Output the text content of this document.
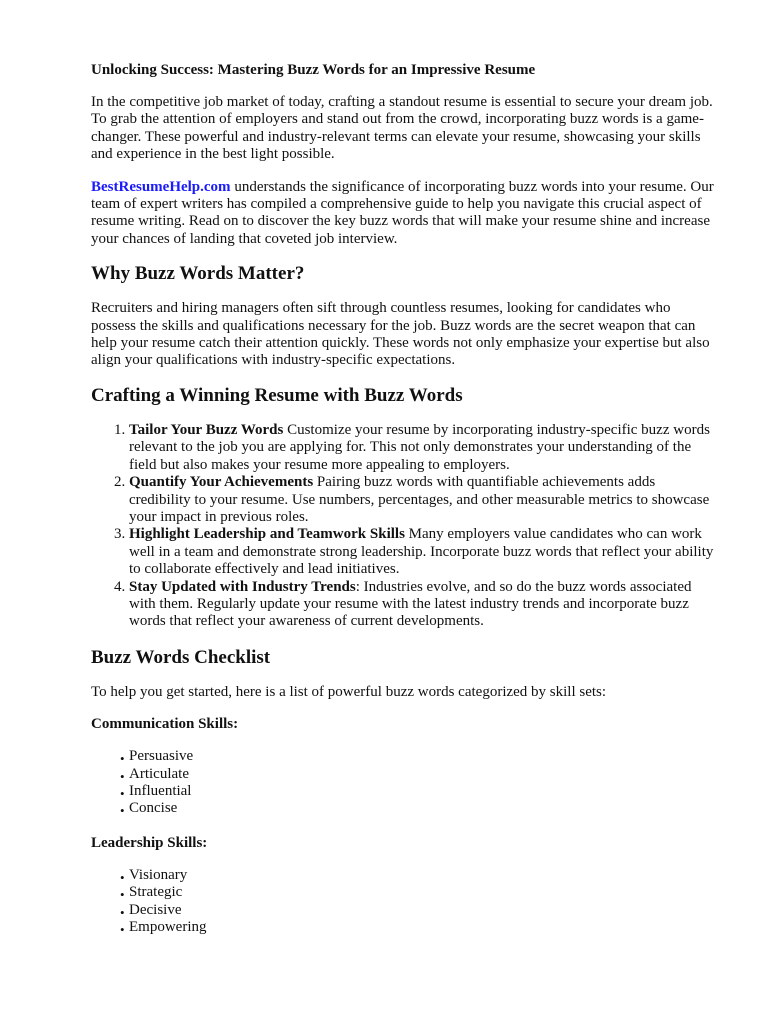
Unlocking Success: Mastering Buzz Words for an Impressive Resume

In the competitive job market of today, crafting a standout resume is essential to secure your dream job. To grab the attention of employers and stand out from the crowd, incorporating buzz words is a game-changer. These powerful and industry-relevant terms can elevate your resume, showcasing your skills and experience in the best light possible.

BestResumeHelp.com understands the significance of incorporating buzz words into your resume. Our team of expert writers has compiled a comprehensive guide to help you navigate this crucial aspect of resume writing. Read on to discover the key buzz words that will make your resume shine and increase your chances of landing that coveted job interview.

Why Buzz Words Matter?

Recruiters and hiring managers often sift through countless resumes, looking for candidates who possess the skills and qualifications necessary for the job. Buzz words are the secret weapon that can help your resume catch their attention quickly. These words not only emphasize your expertise but also align your qualifications with industry-specific expectations.

Crafting a Winning Resume with Buzz Words
1. Tailor Your Buzz Words Customize your resume by incorporating industry-specific buzz words relevant to the job you are applying for. This not only demonstrates your understanding of the field but also makes your resume more appealing to employers.
2. Quantify Your Achievements Pairing buzz words with quantifiable achievements adds credibility to your resume. Use numbers, percentages, and other measurable metrics to showcase your impact in previous roles.
3. Highlight Leadership and Teamwork Skills Many employers value candidates who can work well in a team and demonstrate strong leadership. Incorporate buzz words that reflect your ability to collaborate effectively and lead initiatives.
4. Stay Updated with Industry Trends: Industries evolve, and so do the buzz words associated with them. Regularly update your resume with the latest industry trends and incorporate buzz words that reflect your awareness of current developments.
Buzz Words Checklist

To help you get started, here is a list of powerful buzz words categorized by skill sets:

Communication Skills:
• Persuasive
• Articulate
• Influential
• Concise
Leadership Skills:
• Visionary
• Strategic
• Decisive
• Empowering
